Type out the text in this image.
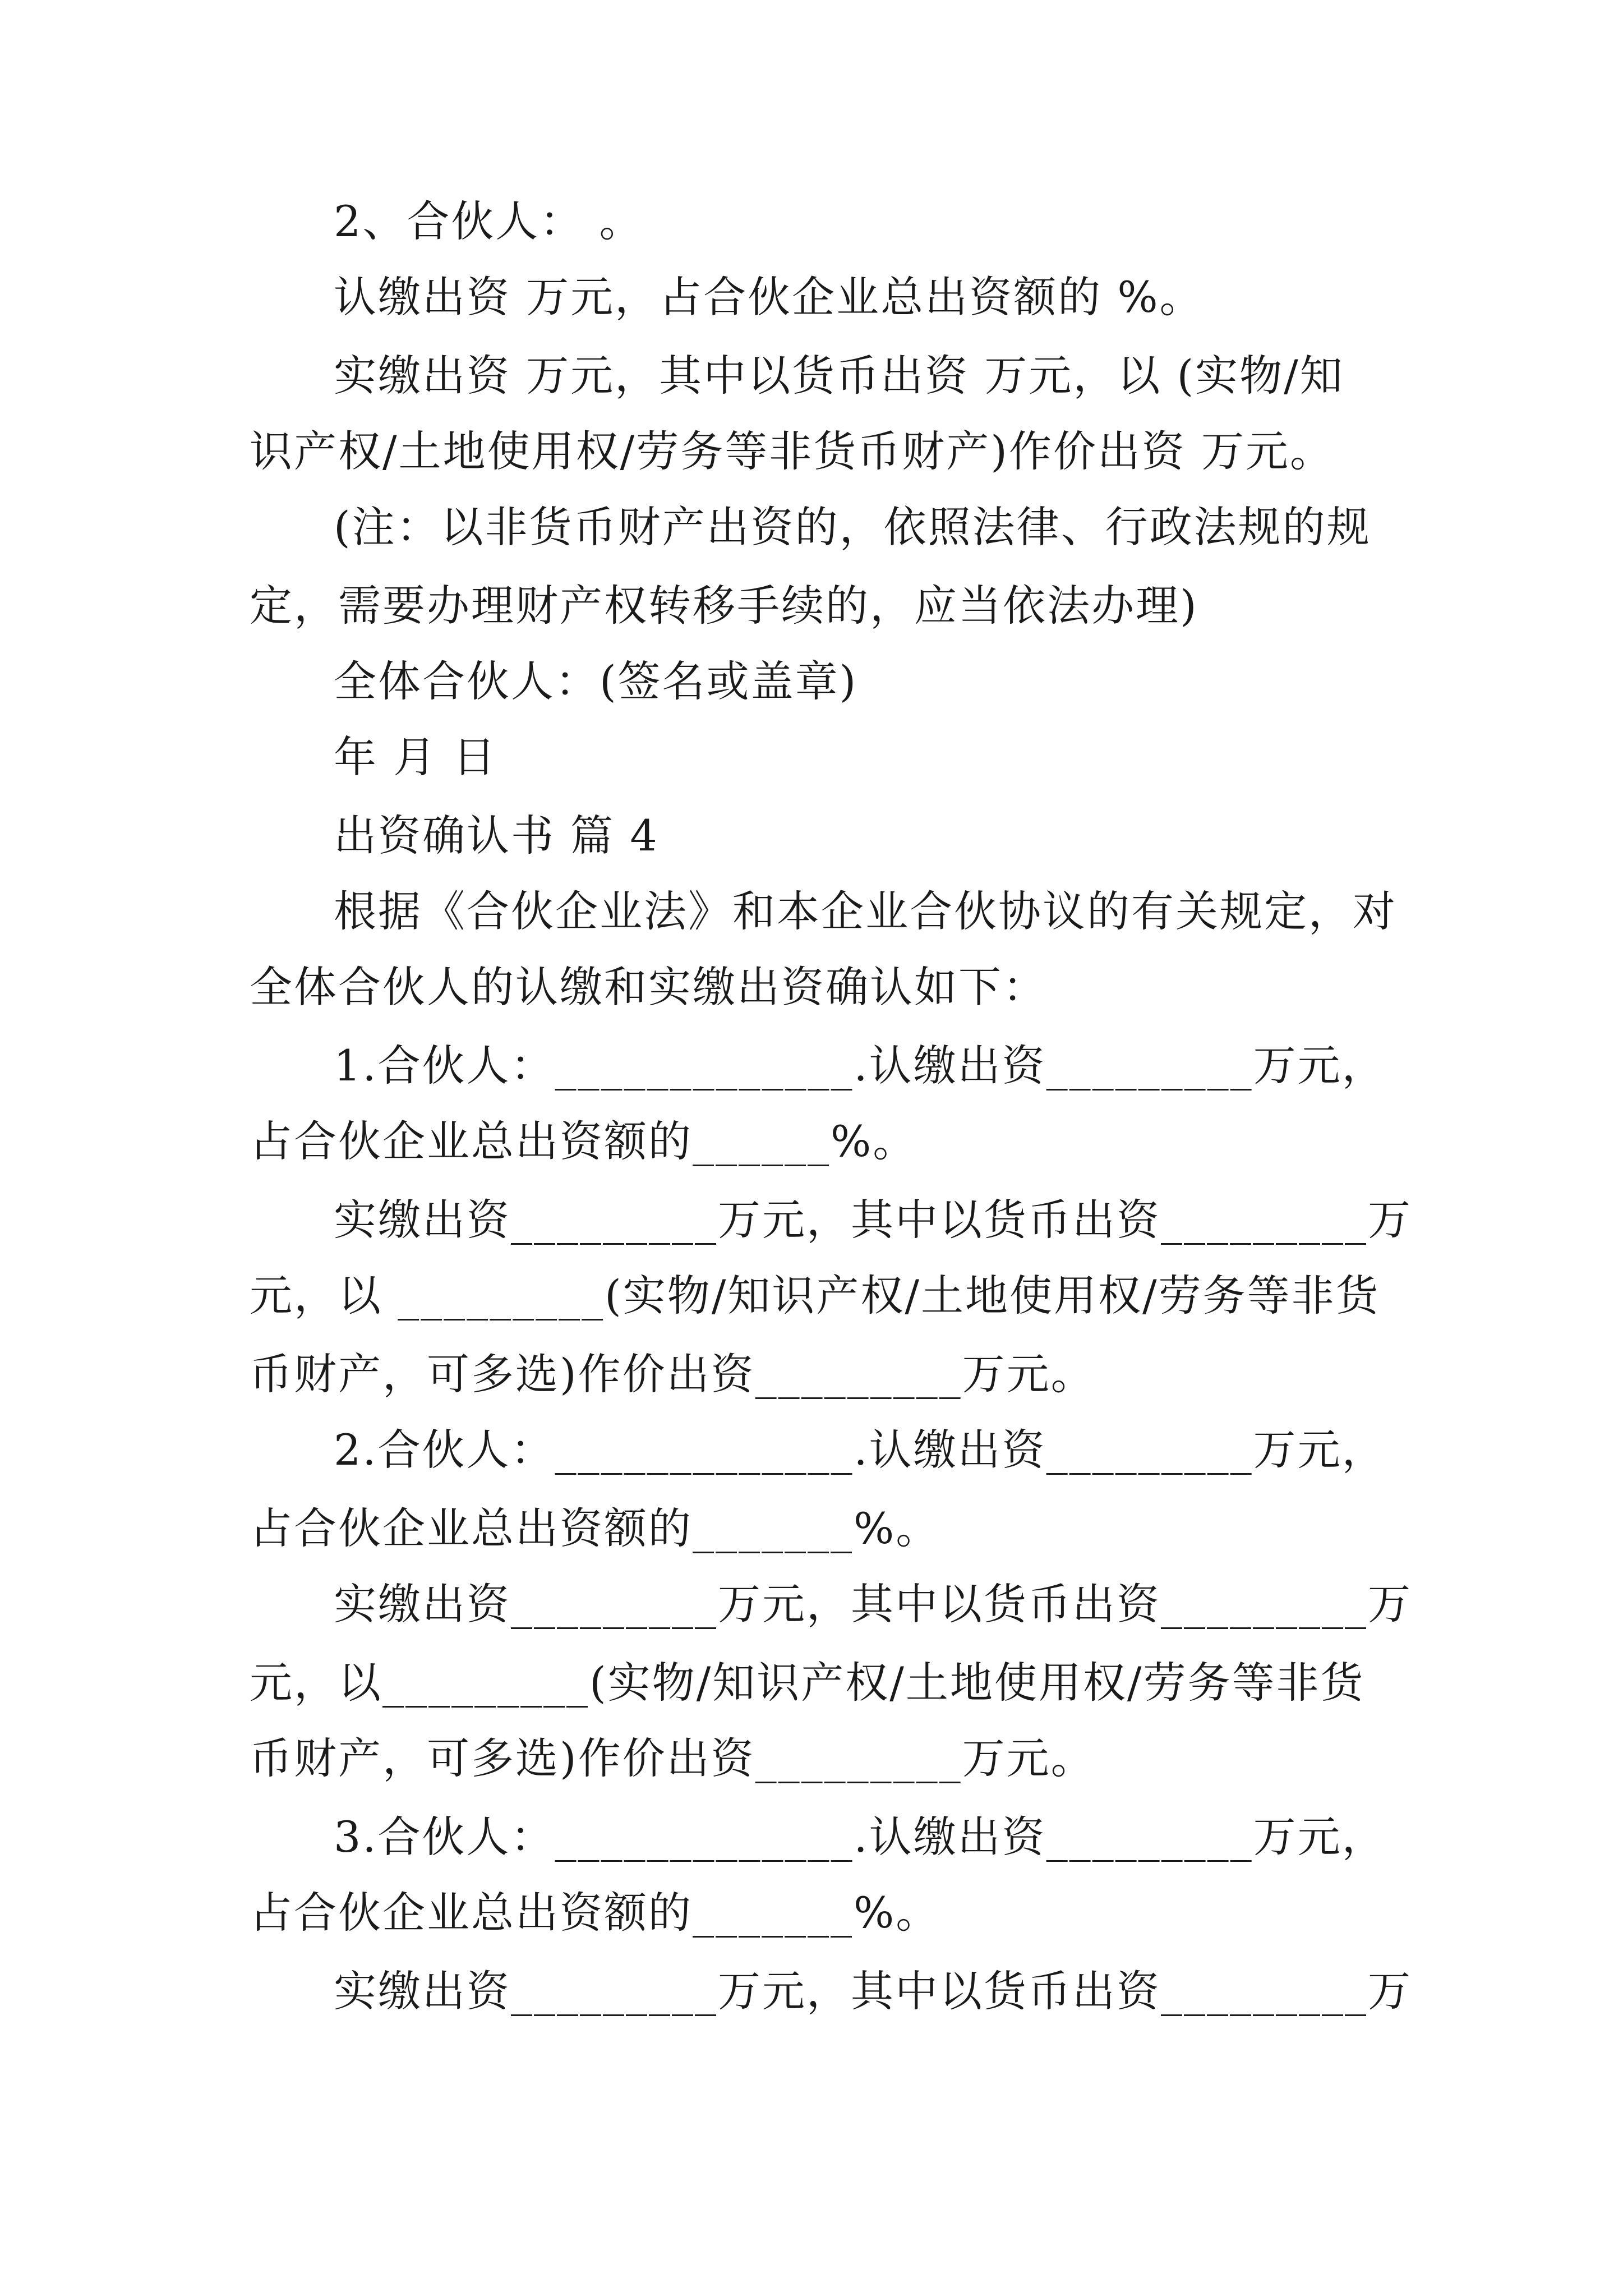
2、合伙人： 。

认缴出资 万元，占合伙企业总出资额的 %。

实缴出资 万元，其中以货币出资 万元，以 (实物/知

识产权/土地使用权/劳务等非货币财产)作价出资 万元。

(注：以非货币财产出资的，依照法律、行政法规的规

定，需要办理财产权转移手续的，应当依法办理)

全体合伙人：(签名或盖章)

年 月 日

出资确认书 篇 4

根据《合伙企业法》和本企业合伙协议的有关规定，对

全体合伙人的认缴和实缴出资确认如下：

1.合伙人：_____________.认缴出资_________万元，

占合伙企业总出资额的______%。

实缴出资_________万元，其中以货币出资_________万

元，以 _________(实物/知识产权/土地使用权/劳务等非货

币财产，可多选)作价出资_________万元。

2.合伙人：_____________.认缴出资_________万元，

占合伙企业总出资额的_______%。

实缴出资_________万元，其中以货币出资_________万

元，以_________(实物/知识产权/土地使用权/劳务等非货

币财产，可多选)作价出资_________万元。

3.合伙人：_____________.认缴出资_________万元，

占合伙企业总出资额的_______%。

实缴出资_________万元，其中以货币出资_________万
